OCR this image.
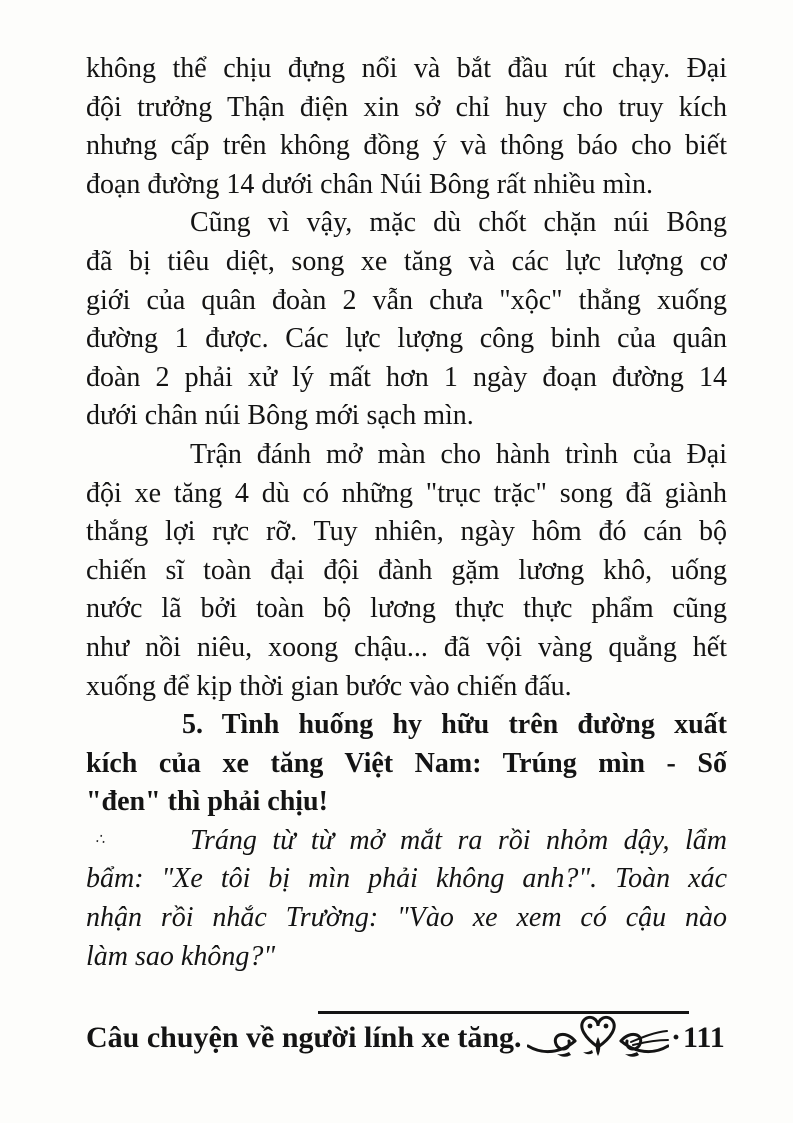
không thể chịu đựng nổi và bắt đầu rút chạy. Đại
đội trưởng Thận điện xin sở chỉ huy cho truy kích
nhưng cấp trên không đồng ý và thông báo cho biết
đoạn đường 14 dưới chân Núi Bông rất nhiều mìn.
Cũng vì vậy, mặc dù chốt chặn núi Bông
đã bị tiêu diệt, song xe tăng và các lực lượng cơ
giới của quân đoàn 2 vẫn chưa "xộc" thẳng xuống
đường 1 được. Các lực lượng công binh của quân
đoàn 2 phải xử lý mất hơn 1 ngày đoạn đường 14
dưới chân núi Bông mới sạch mìn.
Trận đánh mở màn cho hành trình của Đại
đội xe tăng 4 dù có những "trục trặc" song đã giành
thắng lợi rực rỡ. Tuy nhiên, ngày hôm đó cán bộ
chiến sĩ toàn đại đội đành gặm lương khô, uống
nước lã bởi toàn bộ lương thực thực phẩm cũng
như nồi niêu, xoong chậu... đã vội vàng quẳng hết
xuống để kịp thời gian bước vào chiến đấu.
5. Tình huống hy hữu trên đường xuất
kích của xe tăng Việt Nam: Trúng mìn - Số
"đen" thì phải chịu!
Tráng từ từ mở mắt ra rồi nhỏm dậy, lẩm
bẩm: "Xe tôi bị mìn phải không anh?". Toàn xác
nhận rồi nhắc Trường: "Vào xe xem có cậu nào
làm sao không?"
∴
Câu chuyện về người lính xe tăng.	· 111
